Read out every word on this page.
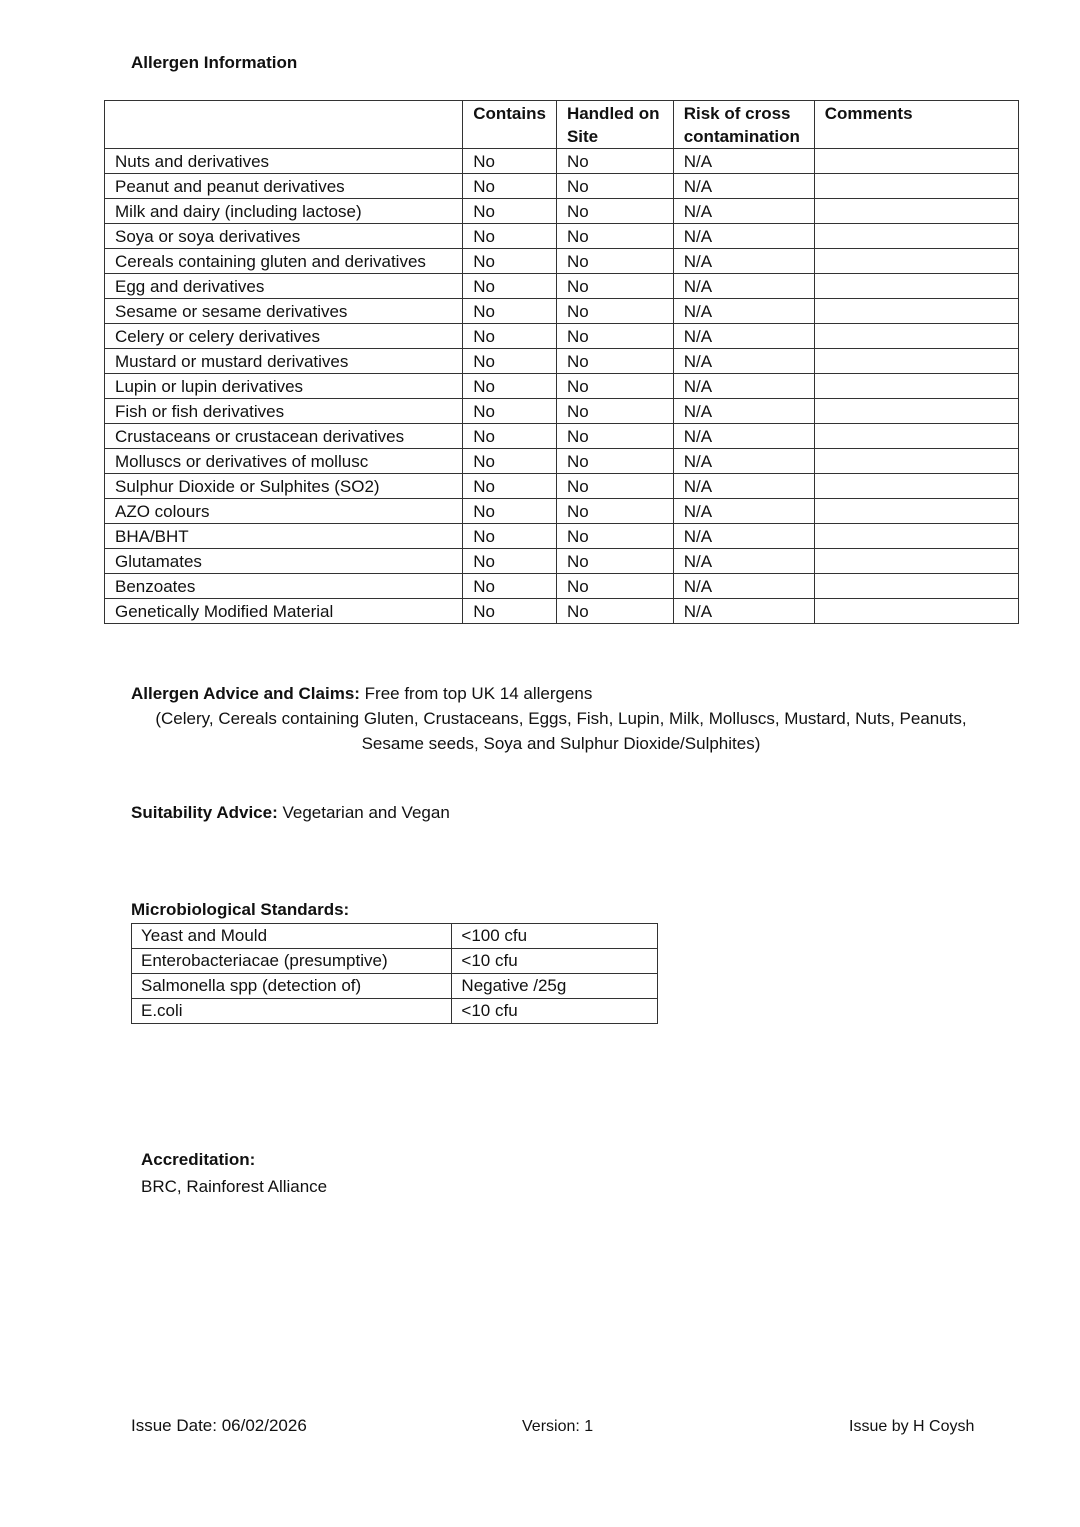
Allergen Information
	Contains	Handled on Site	Risk of cross contamination	Comments
Nuts and derivatives	No	No	N/A	
Peanut and peanut derivatives	No	No	N/A	
Milk and dairy (including lactose)	No	No	N/A	
Soya or soya derivatives	No	No	N/A	
Cereals containing gluten and derivatives	No	No	N/A	
Egg and derivatives	No	No	N/A	
Sesame or sesame derivatives	No	No	N/A	
Celery or celery derivatives	No	No	N/A	
Mustard or mustard derivatives	No	No	N/A	
Lupin or lupin derivatives	No	No	N/A	
Fish or fish derivatives	No	No	N/A	
Crustaceans or crustacean derivatives	No	No	N/A	
Molluscs or derivatives of mollusc	No	No	N/A	
Sulphur Dioxide or Sulphites (SO2)	No	No	N/A	
AZO colours	No	No	N/A	
BHA/BHT	No	No	N/A	
Glutamates	No	No	N/A	
Benzoates	No	No	N/A	
Genetically Modified Material	No	No	N/A	
Allergen Advice and Claims: Free from top UK 14 allergens
(Celery, Cereals containing Gluten, Crustaceans, Eggs, Fish, Lupin, Milk, Molluscs, Mustard, Nuts, Peanuts, Sesame seeds, Soya and Sulphur Dioxide/Sulphites)
Suitability Advice: Vegetarian and Vegan
Microbiological Standards:
Yeast and Mould	<100 cfu
Enterobacteriacae (presumptive)	<10 cfu
Salmonella spp (detection of)	Negative /25g
E.coli	<10 cfu
Accreditation:
BRC, Rainforest Alliance
Issue Date: 06/02/2026	Version: 1	Issue by H Coysh
